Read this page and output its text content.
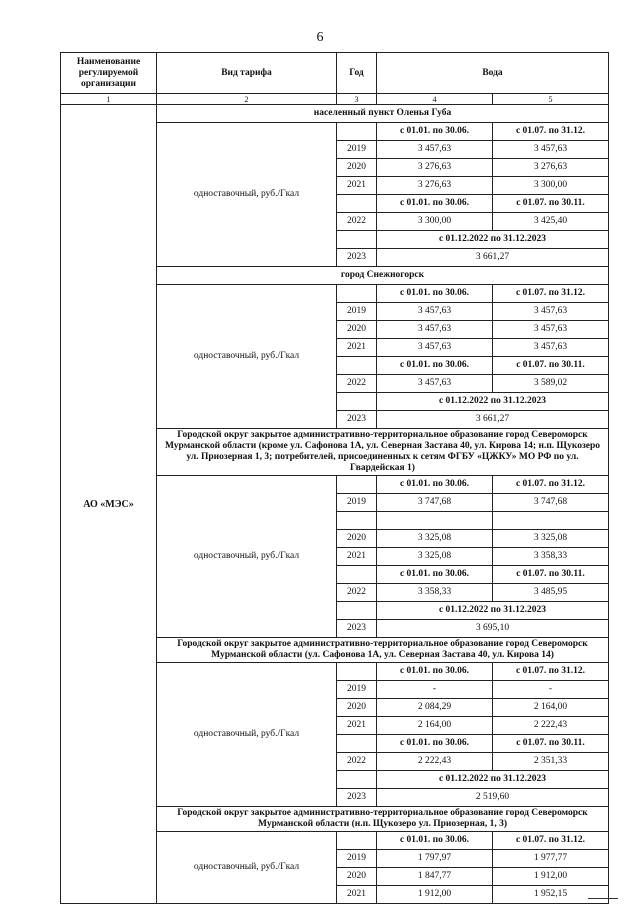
6
Наименование регулируемой организации	Вид тарифа	Год	Вода	
1	2	3	4	5
АО «МЭС»	населенный пункт Оленья Губа			
	одноставочный, руб./Гкал		с 01.01. по 30.06.	с 01.07. по 31.12.
		2019	3 457,63	3 457,63
		2020	3 276,63	3 276,63
		2021	3 276,63	3 300,00
			с 01.01. по 30.06.	с 01.07. по 30.11.
		2022	3 300,00	3 425,40
			с 01.12.2022 по 31.12.2023	
		2023	3 661,27	
	город Снежногорск			
	одноставочный, руб./Гкал		с 01.01. по 30.06.	с 01.07. по 31.12.
		2019	3 457,63	3 457,63
		2020	3 457,63	3 457,63
		2021	3 457,63	3 457,63
			с 01.01. по 30.06.	с 01.07. по 30.11.
		2022	3 457,63	3 589,02
			с 01.12.2022 по 31.12.2023	
		2023	3 661,27	
	Городской округ закрытое административно-территориальное образование город Североморск Мурманской области (кроме ул. Сафонова 1А, ул. Северная Застава 40, ул. Кирова 14; н.п. Щукозеро ул. Приозерная 1, 3; потребителей, присоединенных к сетям ФГБУ «ЦЖКУ» МО РФ по ул. Гвардейская 1)			
	одноставочный, руб./Гкал		с 01.01. по 30.06.	с 01.07. по 31.12.
		2019	3 747,68	3 747,68

		2020	3 325,08	3 325,08
		2021	3 325,08	3 358,33
			с 01.01. по 30.06.	с 01.07. по 30.11.
		2022	3 358,33	3 485,95
			с 01.12.2022 по 31.12.2023	
		2023	3 695,10	
	Городской округ закрытое административно-территориальное образование город Североморск Мурманской области (ул. Сафонова 1А, ул. Северная Застава 40, ул. Кирова 14)			
	одноставочный, руб./Гкал		с 01.01. по 30.06.	с 01.07. по 31.12.
		2019	-	-
		2020	2 084,29	2 164,00
		2021	2 164,00	2 222,43
			с 01.01. по 30.06.	с 01.07. по 30.11.
		2022	2 222,43	2 351,33
			с 01.12.2022 по 31.12.2023	
		2023	2 519,60	
	Городской округ закрытое административно-территориальное образование город Североморск Мурманской области (н.п. Щукозеро ул. Приозерная, 1, 3)			
	одноставочный, руб./Гкал		с 01.01. по 30.06.	с 01.07. по 31.12.
		2019	1 797,97	1 977,77
		2020	1 847,77	1 912,00
		2021	1 912,00	1 952,15
